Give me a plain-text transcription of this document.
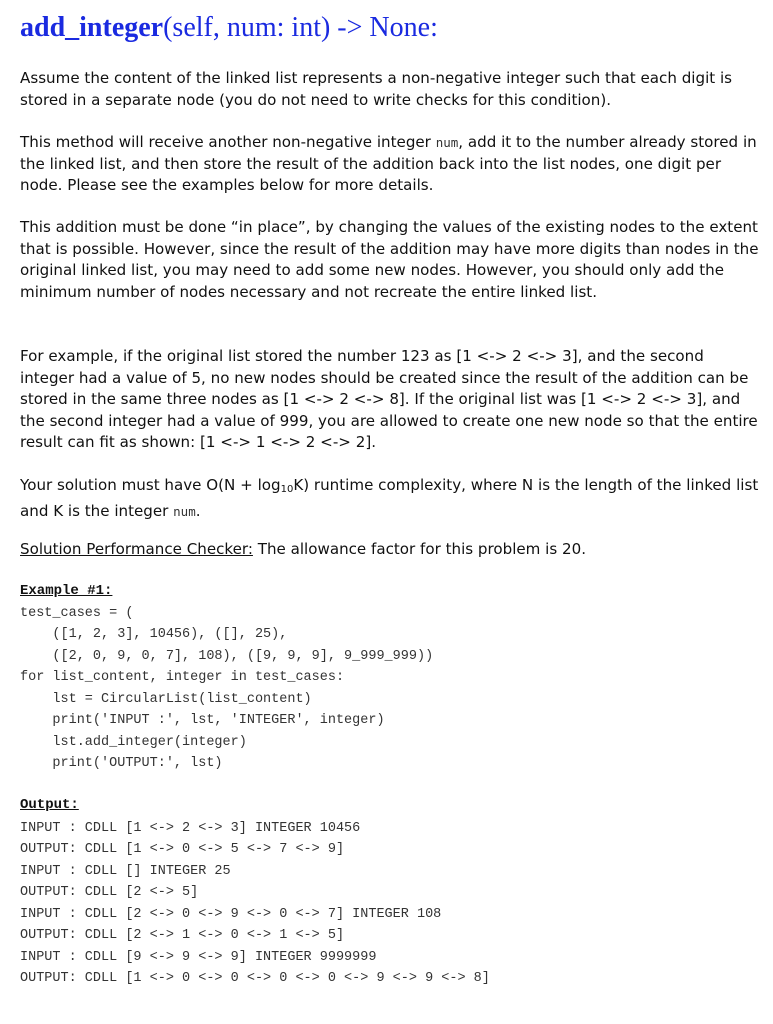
add_integer(self, num: int) -> None:

Assume the content of the linked list represents a non-negative integer such that each digit is stored in a separate node (you do not need to write checks for this condition).

This method will receive another non-negative integer num, add it to the number already stored in the linked list, and then store the result of the addition back into the list nodes, one digit per node. Please see the examples below for more details.

This addition must be done “in place”, by changing the values of the existing nodes to the extent that is possible. However, since the result of the addition may have more digits than nodes in the original linked list, you may need to add some new nodes. However, you should only add the minimum number of nodes necessary and not recreate the entire linked list.

For example, if the original list stored the number 123 as [1 <-> 2 <-> 3], and the second integer had a value of 5, no new nodes should be created since the result of the addition can be stored in the same three nodes as [1 <-> 2 <-> 8]. If the original list was [1 <-> 2 <-> 3], and the second integer had a value of 999, you are allowed to create one new node so that the entire result can fit as shown: [1 <-> 1 <-> 2 <-> 2].

Your solution must have $O(N + \log_{10}K)$ runtime complexity, where N is the length of the linked list and K is the integer num.

Solution Performance Checker: The allowance factor for this problem is 20.

Example #1:
test_cases = (
([1, 2, 3], 10456), ([], 25),
([2, 0, 9, 0, 7], 108), ([9, 9, 9], 9_999_999))
for list_content, integer in test_cases:
lst = CircularList(list_content)
print('INPUT :', lst, 'INTEGER', integer)
lst.add_integer(integer)
print('OUTPUT:', lst)
Output:
INPUT : CDLL [1 <-> 2 <-> 3] INTEGER 10456
OUTPUT: CDLL [1 <-> 0 <-> 5 <-> 7 <-> 9]
INPUT : CDLL [] INTEGER 25
OUTPUT: CDLL [2 <-> 5]
INPUT : CDLL [2 <-> 0 <-> 9 <-> 0 <-> 7] INTEGER 108
OUTPUT: CDLL [2 <-> 1 <-> 0 <-> 1 <-> 5]
INPUT : CDLL [9 <-> 9 <-> 9] INTEGER 9999999
OUTPUT: CDLL [1 <-> 0 <-> 0 <-> 0 <-> 0 <-> 9 <-> 9 <-> 8]
